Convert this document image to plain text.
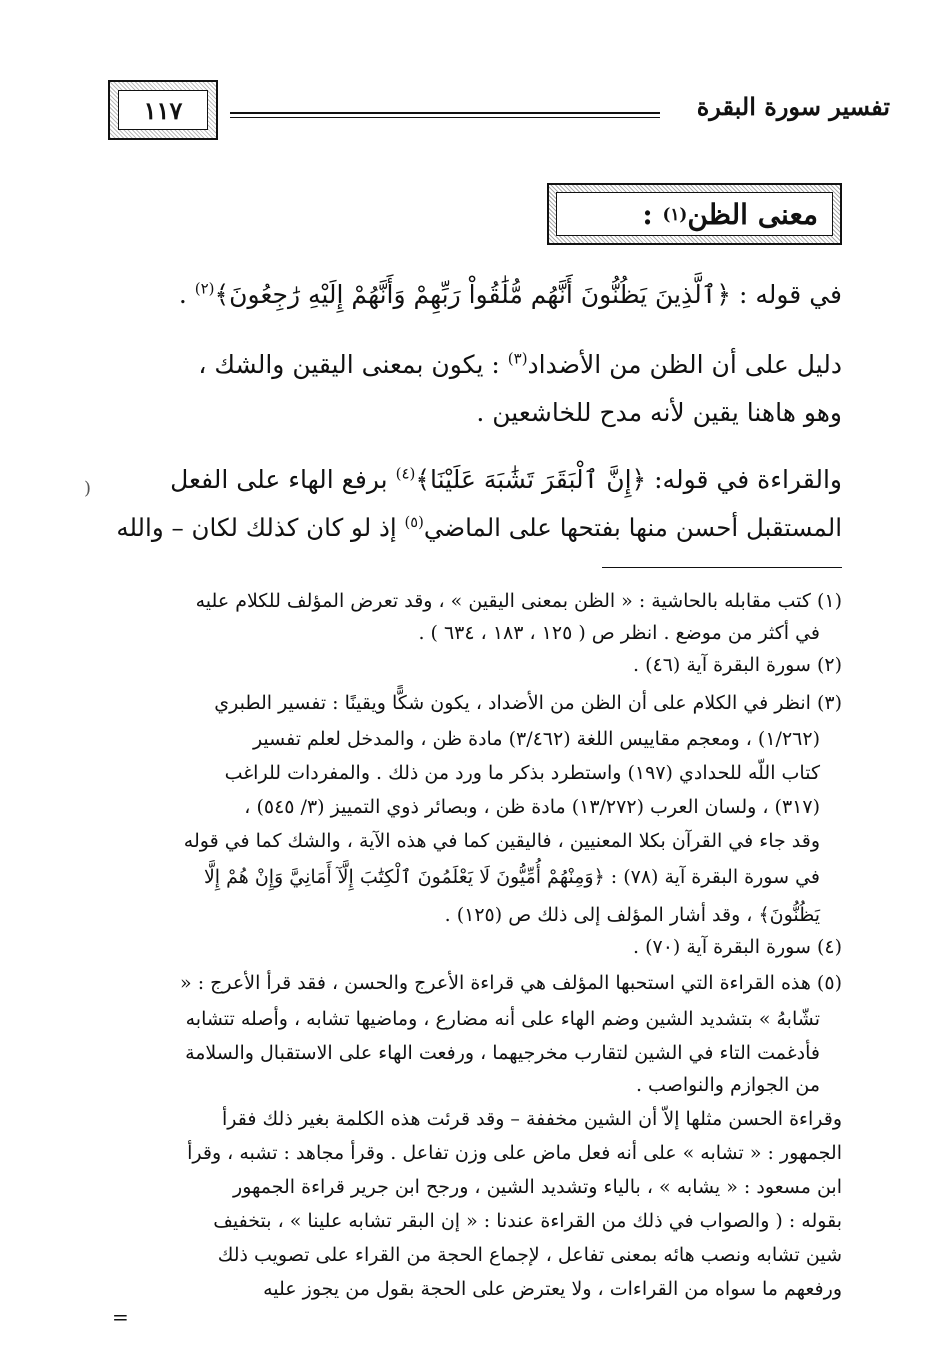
١١٧	تفسير سورة البقرة
معنى الظن
(١)

:
في قوله : ﴿ٱلَّذِينَ يَظُنُّونَ أَنَّهُم مُّلَٰقُواْ رَبِّهِمْ وَأَنَّهُمْ إِلَيْهِ رَٰجِعُونَ﴾$^{(٢)}$ .
دليل على أن الظن من الأضداد$^{(٣)}$ : يكون بمعنى اليقين والشك ،
وهو هاهنا يقين لأنه مدح للخاشعين .
والقراءة في قوله: ﴿إِنَّ ٱلْبَقَرَ تَشَٰبَهَ عَلَيْنَا﴾$^{(٤)}$ برفع الهاء على الفعل
المستقبل أحسن منها بفتحها على الماضي$^{(٥)}$ إذ لو كان كذلك لكان – والله
(
(١) كتب مقابله بالحاشية : « الظن بمعنى اليقين » ، وقد تعرض المؤلف للكلام عليه
في أكثر من موضع . انظر ص ( ١٢٥ ، ١٨٣ ، ٦٣٤ ) .
(٢) سورة البقرة آية (٤٦) .
(٣) انظر في الكلام على أن الظن من الأضداد ، يكون شكًّا ويقينًا : تفسير الطبري
(١/٢٦٢) ، ومعجم مقاييس اللغة (٣/٤٦٢) مادة ظن ، والمدخل لعلم تفسير
كتاب اللّه للحدادي (١٩٧) واستطرد بذكر ما ورد من ذلك . والمفردات للراغب
(٣١٧) ، ولسان العرب (١٣/٢٧٢) مادة ظن ، وبصائر ذوي التمييز (٣/ ٥٤٥) ،
وقد جاء في القرآن بكلا المعنيين ، فاليقين كما في هذه الآية ، والشك كما في قوله
في سورة البقرة آية (٧٨) : ﴿وَمِنْهُمْ أُمِّيُّونَ لَا يَعْلَمُونَ ٱلْكِتَٰبَ إِلَّآ أَمَانِيَّ وَإِنْ هُمْ إِلَّا
يَظُنُّونَ﴾ ، وقد أشار المؤلف إلى ذلك ص (١٢٥) .
(٤) سورة البقرة آية (٧٠) .
(٥) هذه القراءة التي استحبها المؤلف هي قراءة الأعرج والحسن ، فقد قرأ الأعرج : «
تشّابهُ » بتشديد الشين وضم الهاء على أنه مضارع ، وماضيها تشابه ، وأصله تتشابه
فأدغمت التاء في الشين لتقارب مخرجيهما ، ورفعت الهاء على الاستقبال والسلامة
من الجوازم والنواصب .
وقراءة الحسن مثلها إلاّ أن الشين مخففة – وقد قرئت هذه الكلمة بغير ذلك فقرأ
الجمهور : « تشابه » على أنه فعل ماض على وزن تفاعل . وقرأ مجاهد : تشبه ، وقرأ
ابن مسعود : « يشابه » ، بالياء وتشديد الشين ، ورجح ابن جرير قراءة الجمهور
بقوله : ( والصواب في ذلك من القراءة عندنا : « إن البقر تشابه علينا » ، بتخفيف
شين تشابه ونصب هائه بمعنى تفاعل ، لإجماع الحجة من القراء على تصويب ذلك
ورفعهم ما سواه من القراءات ، ولا يعترض على الحجة بقول من يجوز عليه
=
